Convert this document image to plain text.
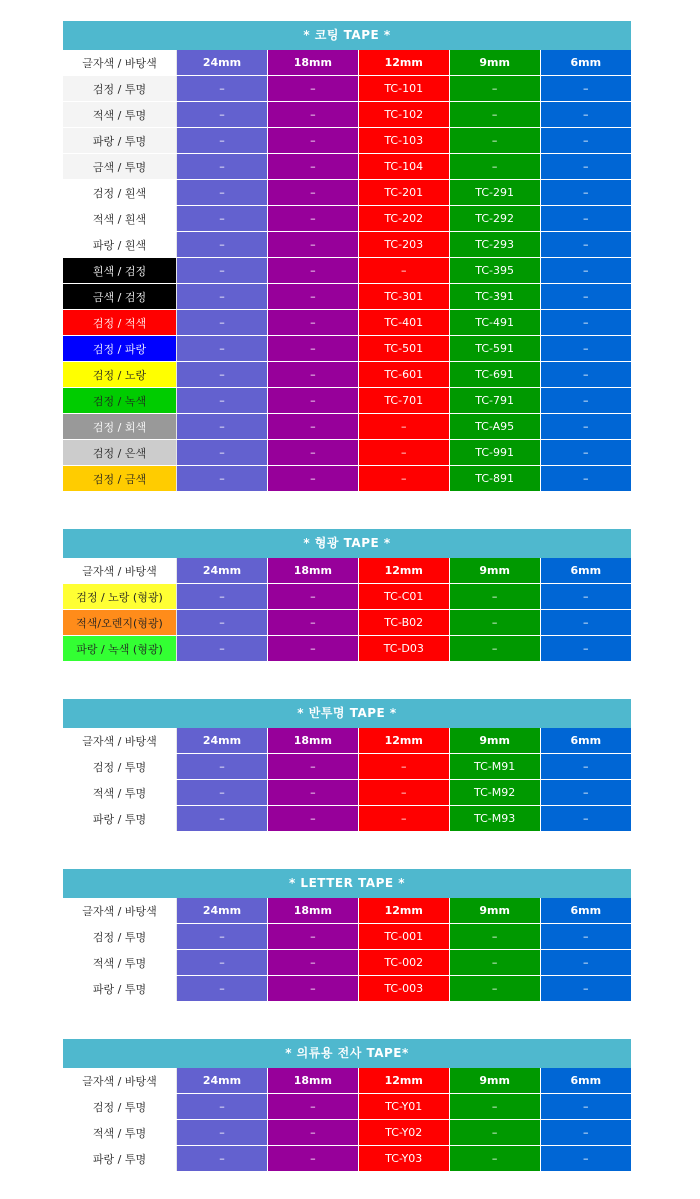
* 코팅 TAPE *
글자색 / 바탕색	24mm	18mm	12mm	9mm	6mm
검정 / 투명	–	–	TC-101	–	–
적색 / 투명	–	–	TC-102	–	–
파랑 / 투명	–	–	TC-103	–	–
금색 / 투명	–	–	TC-104	–	–
검정 / 흰색	–	–	TC-201	TC-291	–
적색 / 흰색	–	–	TC-202	TC-292	–
파랑 / 흰색	–	–	TC-203	TC-293	–
흰색 / 검정	–	–	–	TC-395	–
금색 / 검정	–	–	TC-301	TC-391	–
검정 / 적색	–	–	TC-401	TC-491	–
검정 / 파랑	–	–	TC-501	TC-591	–
검정 / 노랑	–	–	TC-601	TC-691	–
검정 / 녹색	–	–	TC-701	TC-791	–
검정 / 회색	–	–	–	TC-A95	–
검정 / 은색	–	–	–	TC-991	–
검정 / 금색	–	–	–	TC-891	–
* 형광 TAPE *
글자색 / 바탕색	24mm	18mm	12mm	9mm	6mm
검정 / 노랑 (형광)	–	–	TC-C01	–	–
적색/오렌지(형광)	–	–	TC-B02	–	–
파랑 / 녹색 (형광)	–	–	TC-D03	–	–
* 반투명 TAPE *
글자색 / 바탕색	24mm	18mm	12mm	9mm	6mm
검정 / 투명	–	–	–	TC-M91	–
적색 / 투명	–	–	–	TC-M92	–
파랑 / 투명	–	–	–	TC-M93	–
* LETTER TAPE *
글자색 / 바탕색	24mm	18mm	12mm	9mm	6mm
검정 / 투명	–	–	TC-001	–	–
적색 / 투명	–	–	TC-002	–	–
파랑 / 투명	–	–	TC-003	–	–
* 의류용 전사 TAPE*
글자색 / 바탕색	24mm	18mm	12mm	9mm	6mm
검정 / 투명	–	–	TC-Y01	–	–
적색 / 투명	–	–	TC-Y02	–	–
파랑 / 투명	–	–	TC-Y03	–	–
